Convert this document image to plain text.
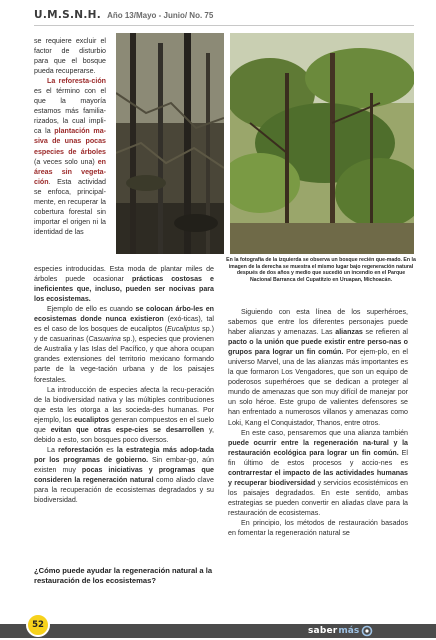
U.M.S.N.H. Año 13/Mayo - Junio/ No. 75

se requiere excluir el factor de disturbio para que el bosque pueda recuperarse.

La reforesta-ción es el término con el que la mayoría estamos más familia-rizados, la cual impli-ca la plantación ma-siva de unas pocas especies de árboles (a veces solo una) en áreas sin vegeta-ción. Esta actividad se enfoca, principal-mente, en recuperar la cobertura forestal sin importar el origen ni la identidad de las

En la fotografía de la izquierda se observa un bosque recién que-mado. En la imagen de la derecha se muestra el mismo lugar bajo regeneración natural después de dos años y medio que sucedió un incendio en el Parque Nacional Barranca del Cupatitzio en Uruapan, Michoacán.

especies introducidas. Esta moda de plantar miles de árboles puede ocasionar prácticas costosas e ineficientes que, incluso, pueden ser nocivas para los ecosistemas.

Ejemplo de ello es cuando se colocan árbo-les en ecosistemas donde nunca existieron (exó-ticas), tal es el caso de los bosques de eucaliptos (Eucaliptus sp.) y de casuarinas (Casuarina sp.), especies que provienen de Australia y las Islas del Pacífico, y que ahora ocupan grandes extensiones del territorio mexicano formando parte de la vege-tación urbana y de los paisajes forestales.

La introducción de especies afecta la recu-peración de la biodiversidad nativa y las múltiples contribuciones que esta les otorga a las socieda-des humanas. Por ejemplo, los eucaliptos generan compuestos en el suelo que evitan que otras espe-cies se desarrollen y, debido a esto, son bosques poco diversos.

La reforestación es la estrategia más adop-tada por los programas de gobierno. Sin embar-go, aún existen muy pocas iniciativas y programas que consideren la regeneración natural como aliado clave para la recuperación de ecosistemas degradados y su biodiversidad.

¿Cómo puede ayudar la regeneración natural a la restauración de los ecosistemas?

Siguiendo con esta línea de los superhéroes, sabemos que entre los diferentes personajes puede haber alianzas y amenazas. Las alianzas se refieren al pacto o la unión que puede existir entre perso-nas o grupos para lograr un fin común. Por ejem-plo, en el universo Marvel, una de las alianzas más importantes es la que formaron Los Vengadores, que son un equipo de poderosos superhéroes que se dedican a proteger al mundo de amenazas que son muy difícil de manejar por un solo héroe. Este grupo de valientes defensores se han enfrentado a numerosos villanos y amenazas como Loki, Kang el Conquistador, Thanos, entre otros.

En este caso, pensaremos que una alianza también puede ocurrir entre la regeneración na-tural y la restauración ecológica para lograr un fin común. El fin último de estos procesos y accio-nes es contrarrestar el impacto de las actividades humanas y recuperar biodiversidad y servicios ecosistémicos en los paisajes degradados. En este sentido, ambas estrategias se pueden convertir en aliadas clave para la restauración de ecosistemas.

En principio, los métodos de restauración basados en fomentar la regeneración natural se

52
saber más
